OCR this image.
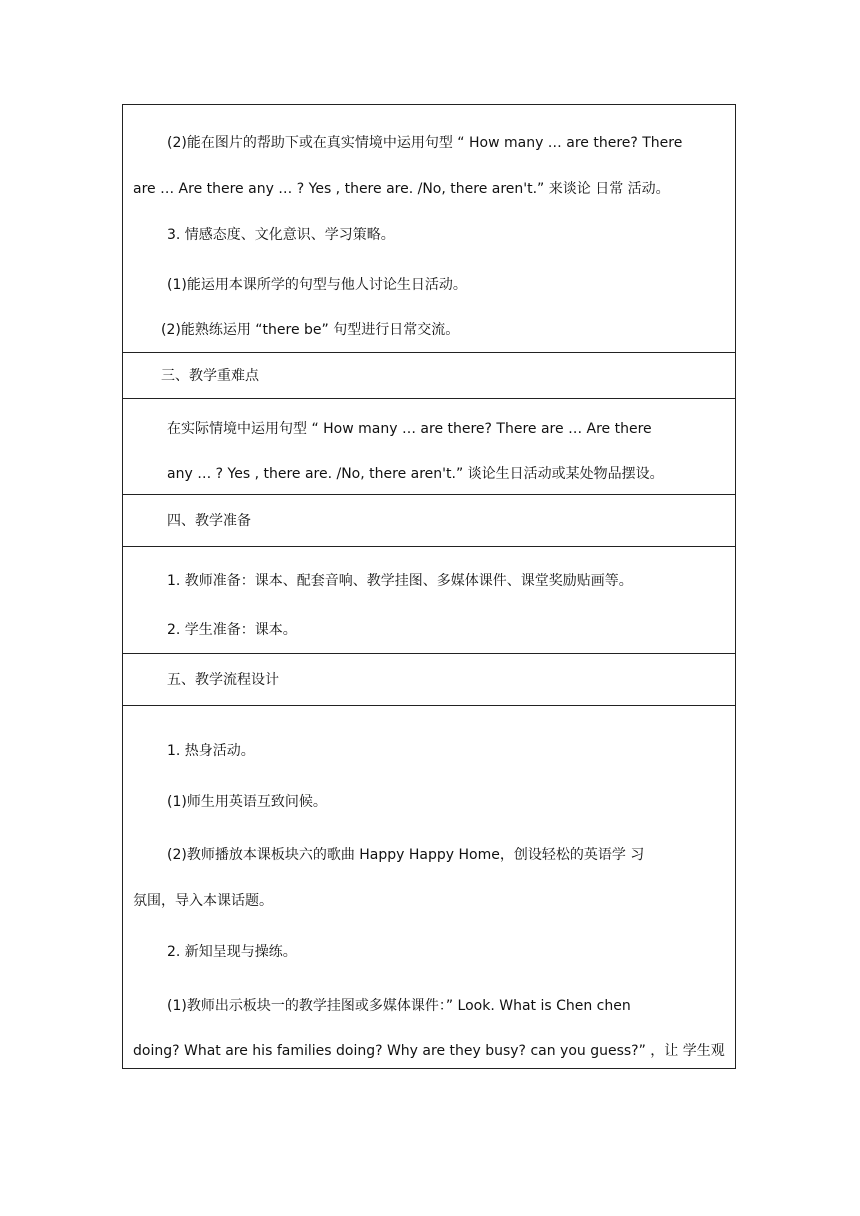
(2)能在图片的帮助下或在真实情境中运用句型 “ How many … are there? There
are … Are there any … ? Yes , there are. /No, there aren't.” 来谈论 日常 活动。
3. 情感态度、文化意识、学习策略。
(1)能运用本课所学的句型与他人讨论生日活动。
(2)能熟练运用 “there be” 句型进行日常交流。
三、教学重难点
在实际情境中运用句型 “ How many … are there? There are … Are there
any … ? Yes , there are. /No, there aren't.” 谈论生日活动或某处物品摆设。
四、教学准备
1. 教师准备：课本、配套音响、教学挂图、多媒体课件、课堂奖励贴画等。
2. 学生准备：课本。
五、教学流程设计
1. 热身活动。
(1)师生用英语互致问候。
(2)教师播放本课板块六的歌曲 Happy Happy Home，创设轻松的英语学 习
氛围，导入本课话题。
2. 新知呈现与操练。
(1)教师出示板块一的教学挂图或多媒体课件：” Look. What is Chen chen
doing? What are his families doing? Why are they busy? can you guess?” ，让 学生观
